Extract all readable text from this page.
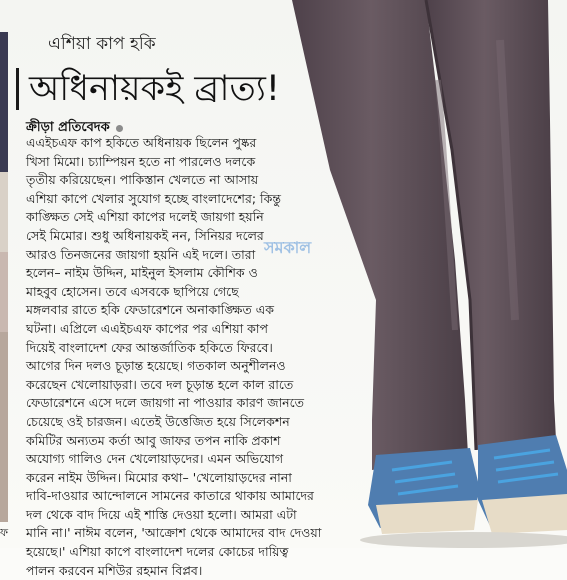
ফ
এশিয়া কাপ হকি
অধিনায়কই ব্রাত্য!
ক্রীড়া প্রতিবেদক
এএইচএফ কাপ হকিতে অধিনায়ক ছিলেন পুষ্কর
খিসা মিমো। চ্যাম্পিয়ন হতে না পারলেও দলকে
তৃতীয় করিয়েছেন। পাকিস্তান খেলতে না আসায়
এশিয়া কাপে খেলার সুযোগ হচ্ছে বাংলাদেশের; কিন্তু
কাঙ্ক্ষিত সেই এশিয়া কাপের দলেই জায়গা হয়নি
সেই মিমোর। শুধু অধিনায়কই নন, সিনিয়র দলের
আরও তিনজনের জায়গা হয়নি এই দলে। তারা
হলেন– নাইম উদ্দিন, মাইনুল ইসলাম কৌশিক ও
মাহবুব হোসেন। তবে এসবকে ছাপিয়ে গেছে
মঙ্গলবার রাতে হকি ফেডারেশনে অনাকাঙ্ক্ষিত এক
ঘটনা। এপ্রিলে এএইচএফ কাপের পর এশিয়া কাপ
দিয়েই বাংলাদেশ ফের আন্তর্জাতিক হকিতে ফিরবে।
আগের দিন দলও চূড়ান্ত হয়েছে। গতকাল অনুশীলনও
করেছেন খেলোয়াড়রা। তবে দল চূড়ান্ত হলে কাল রাতে
ফেডারেশনে এসে দলে জায়গা না পাওয়ার কারণ জানতে
চেয়েছে ওই চারজন। এতেই উত্তেজিত হয়ে সিলেকশন
কমিটির অন্যতম কর্তা আবু জাফর তপন নাকি প্রকাশ
অযোগ্য গালিও দেন খেলোয়াড়দের। এমন অভিযোগ
করেন নাইম উদ্দিন। মিমোর কথা– 'খেলোয়াড়দের নানা
দাবি-দাওয়ার আন্দোলনে সামনের কাতারে থাকায় আমাদের
দল থেকে বাদ দিয়ে এই শাস্তি দেওয়া হলো। আমরা এটা
মানি না।' নাঈম বলেন, 'আক্রোশ থেকে আমাদের বাদ দেওয়া
হয়েছে।' এশিয়া কাপে বাংলাদেশ দলের কোচের দায়িত্ব
পালন করবেন মশিউর রহমান বিপ্লব।
সমকাল
